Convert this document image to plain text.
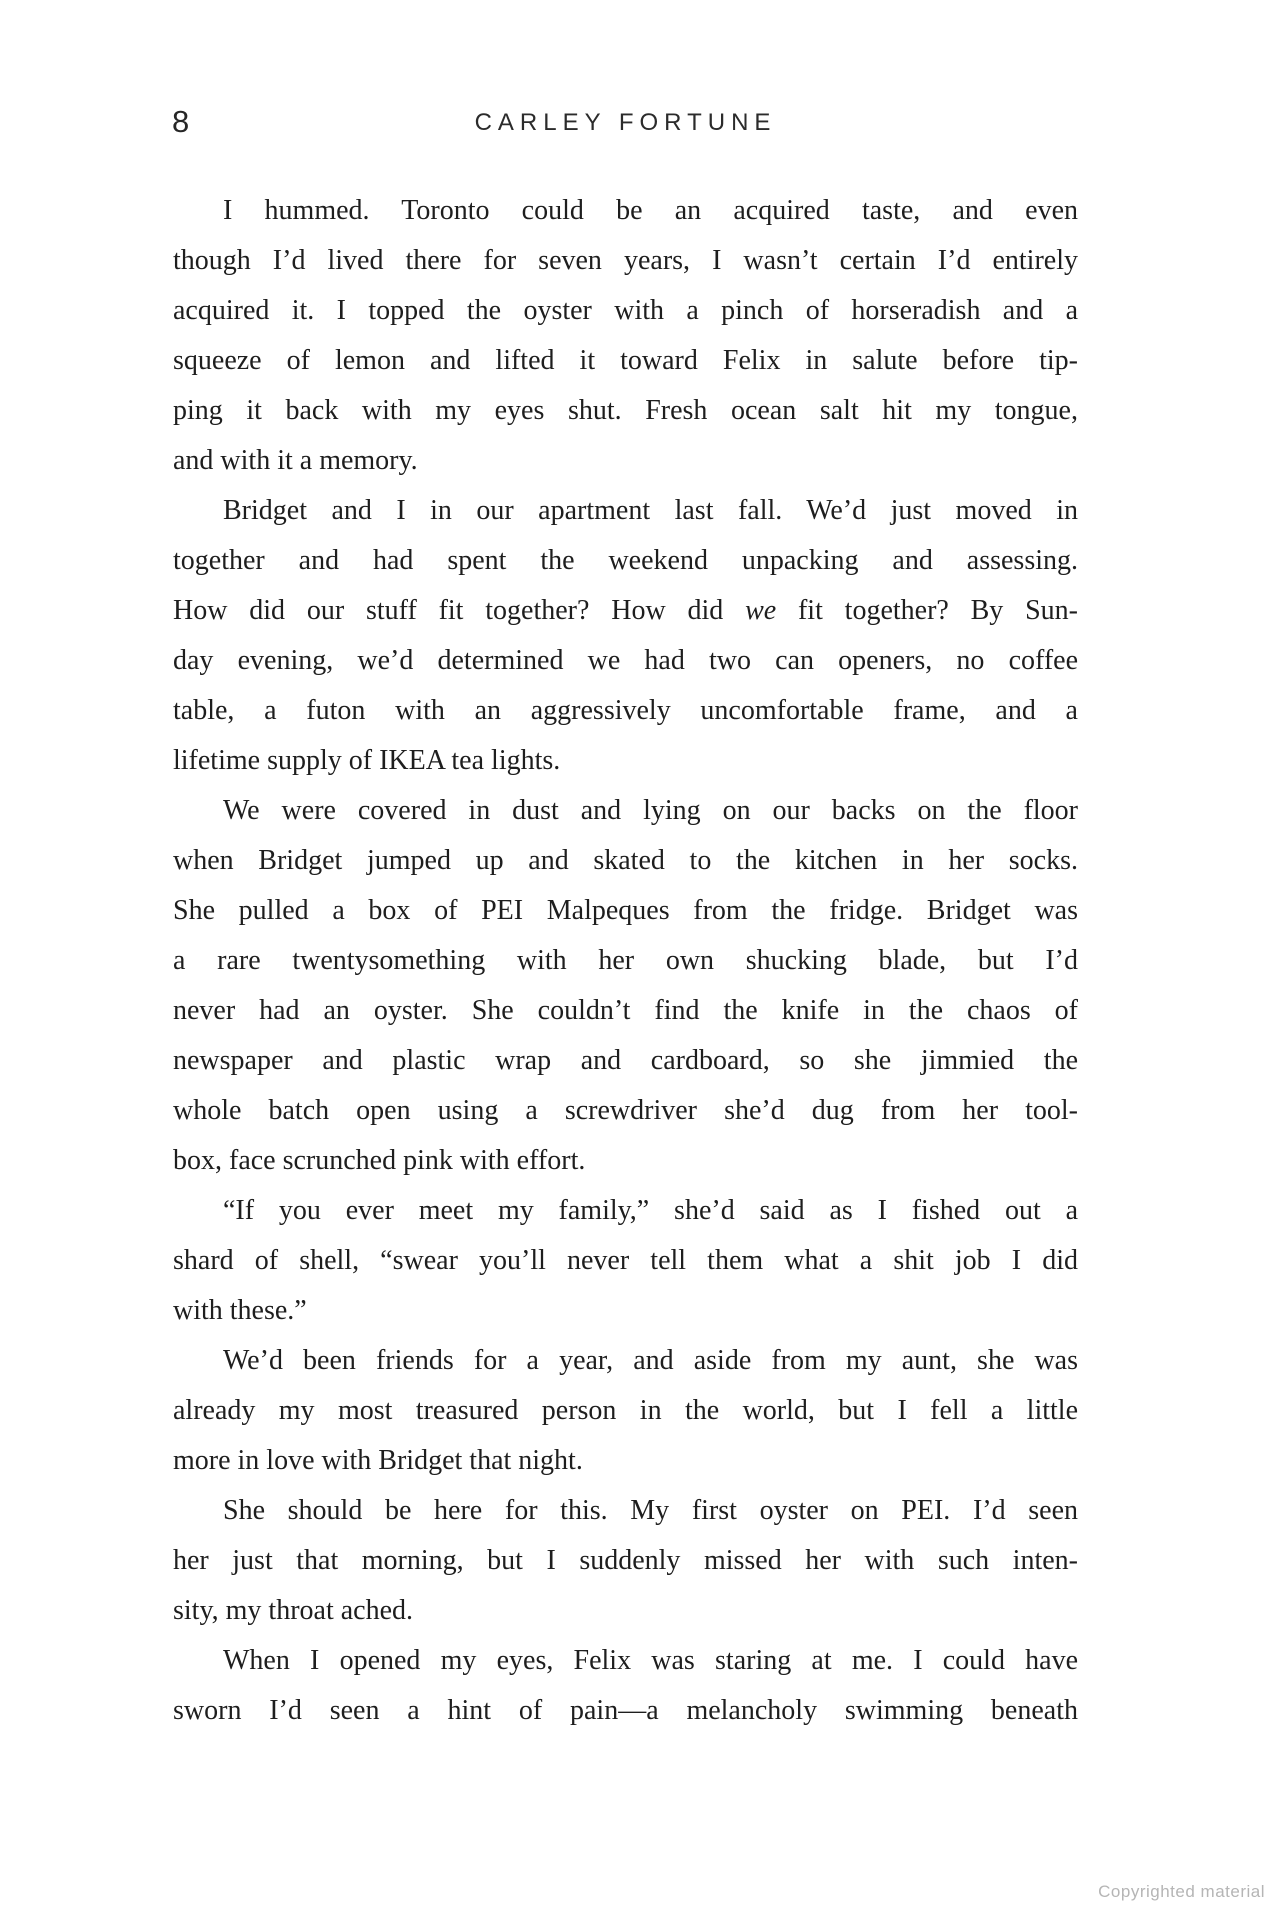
8	CARLEY FORTUNE
I hummed. Toronto could be an acquired taste, and even
though I’d lived there for seven years, I wasn’t certain I’d entirely
acquired it. I topped the oyster with a pinch of horseradish and a
squeeze of lemon and lifted it toward Felix in salute before tip-
ping it back with my eyes shut. Fresh ocean salt hit my tongue,
and with it a memory.
Bridget and I in our apartment last fall. We’d just moved in
together and had spent the weekend unpacking and assessing.
How did our stuff fit together? How did we fit together? By Sun-
day evening, we’d determined we had two can openers, no coffee
table, a futon with an aggressively uncomfortable frame, and a
lifetime supply of IKEA tea lights.
We were covered in dust and lying on our backs on the floor
when Bridget jumped up and skated to the kitchen in her socks.
She pulled a box of PEI Malpeques from the fridge. Bridget was
a rare twentysomething with her own shucking blade, but I’d
never had an oyster. She couldn’t find the knife in the chaos of
newspaper and plastic wrap and cardboard, so she jimmied the
whole batch open using a screwdriver she’d dug from her tool-
box, face scrunched pink with effort.
“If you ever meet my family,” she’d said as I fished out a
shard of shell, “swear you’ll never tell them what a shit job I did
with these.”
We’d been friends for a year, and aside from my aunt, she was
already my most treasured person in the world, but I fell a little
more in love with Bridget that night.
She should be here for this. My first oyster on PEI. I’d seen
her just that morning, but I suddenly missed her with such inten-
sity, my throat ached.
When I opened my eyes, Felix was staring at me. I could have
sworn I’d seen a hint of pain—a melancholy swimming beneath
Copyrighted material
